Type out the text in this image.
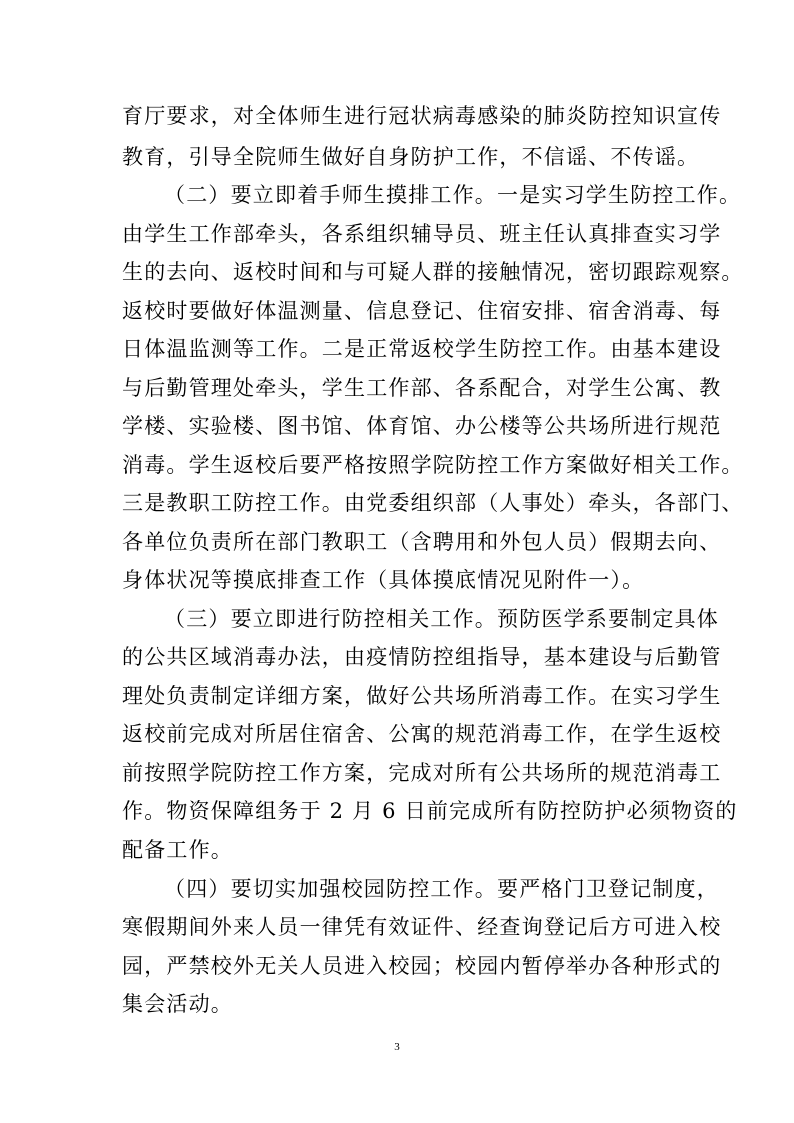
育厅要求，对全体师生进行冠状病毒感染的肺炎防控知识宣传
教育，引导全院师生做好自身防护工作，不信谣、不传谣。
（二）要立即着手师生摸排工作。一是实习学生防控工作。
由学生工作部牵头，各系组织辅导员、班主任认真排查实习学
生的去向、返校时间和与可疑人群的接触情况，密切跟踪观察。
返校时要做好体温测量、信息登记、住宿安排、宿舍消毒、每
日体温监测等工作。二是正常返校学生防控工作。由基本建设
与后勤管理处牵头，学生工作部、各系配合，对学生公寓、教
学楼、实验楼、图书馆、体育馆、办公楼等公共场所进行规范
消毒。学生返校后要严格按照学院防控工作方案做好相关工作。
三是教职工防控工作。由党委组织部（人事处）牵头，各部门、
各单位负责所在部门教职工（含聘用和外包人员）假期去向、
身体状况等摸底排查工作（具体摸底情况见附件一）。
（三）要立即进行防控相关工作。预防医学系要制定具体
的公共区域消毒办法，由疫情防控组指导，基本建设与后勤管
理处负责制定详细方案，做好公共场所消毒工作。在实习学生
返校前完成对所居住宿舍、公寓的规范消毒工作，在学生返校
前按照学院防控工作方案，完成对所有公共场所的规范消毒工
作。物资保障组务于 2 月 6 日前完成所有防控防护必须物资的
配备工作。
（四）要切实加强校园防控工作。要严格门卫登记制度，
寒假期间外来人员一律凭有效证件、经查询登记后方可进入校
园，严禁校外无关人员进入校园；校园内暂停举办各种形式的
集会活动。
3
